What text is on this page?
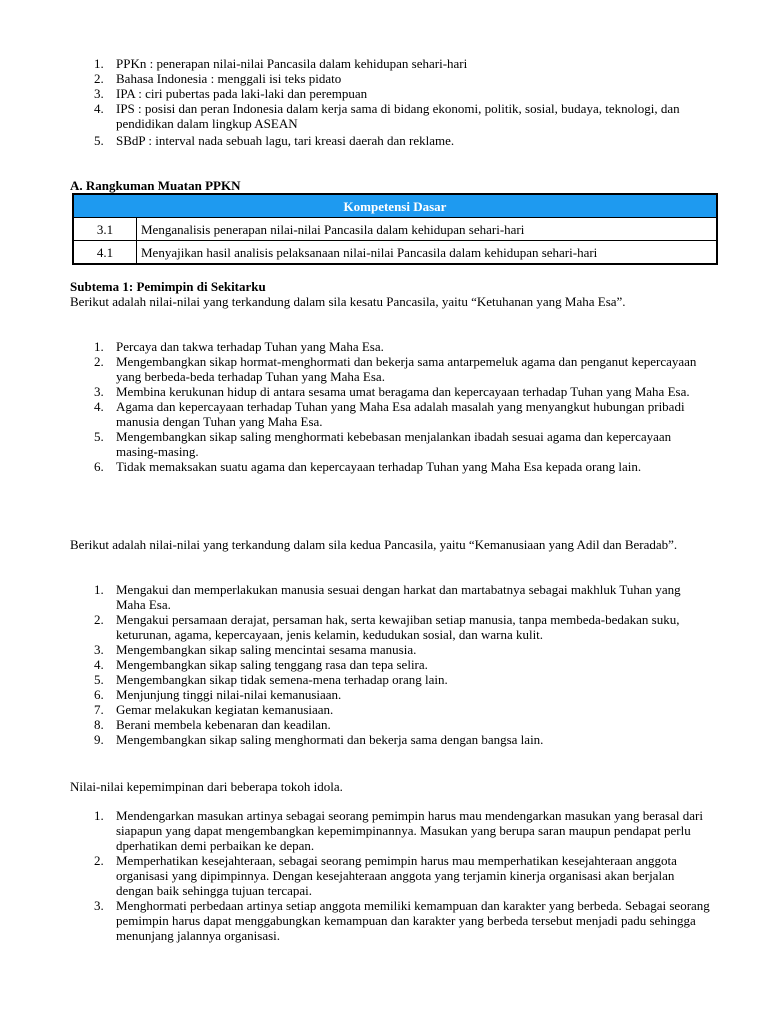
1. PPKn : penerapan nilai-nilai Pancasila dalam kehidupan sehari-hari
2. Bahasa Indonesia : menggali isi teks pidato
3. IPA : ciri pubertas pada laki-laki dan perempuan
4. IPS : posisi dan peran Indonesia dalam kerja sama di bidang ekonomi, politik, sosial, budaya, teknologi, dan pendidikan dalam lingkup ASEAN
5. SBdP : interval nada sebuah lagu, tari kreasi daerah dan reklame.
A. Rangkuman Muatan PPKN
Kompetensi Dasar	
3.1	Menganalisis penerapan nilai-nilai Pancasila dalam kehidupan sehari-hari
4.1	Menyajikan hasil analisis pelaksanaan nilai-nilai Pancasila dalam kehidupan sehari-hari
Subtema 1: Pemimpin di Sekitarku
Berikut adalah nilai-nilai yang terkandung dalam sila kesatu Pancasila, yaitu “Ketuhanan yang Maha Esa”.
1. Percaya dan takwa terhadap Tuhan yang Maha Esa.
2. Mengembangkan sikap hormat-menghormati dan bekerja sama antarpemeluk agama dan penganut kepercayaan yang berbeda-beda terhadap Tuhan yang Maha Esa.
3. Membina kerukunan hidup di antara sesama umat beragama dan kepercayaan terhadap Tuhan yang Maha Esa.
4. Agama dan kepercayaan terhadap Tuhan yang Maha Esa adalah masalah yang menyangkut hubungan pribadi manusia dengan Tuhan yang Maha Esa.
5. Mengembangkan sikap saling menghormati kebebasan menjalankan ibadah sesuai agama dan kepercayaan masing-masing.
6. Tidak memaksakan suatu agama dan kepercayaan terhadap Tuhan yang Maha Esa kepada orang lain.
Berikut adalah nilai-nilai yang terkandung dalam sila kedua Pancasila, yaitu “Kemanusiaan yang Adil dan Beradab”.
1. Mengakui dan memperlakukan manusia sesuai dengan harkat dan martabatnya sebagai makhluk Tuhan yang Maha Esa.
2. Mengakui persamaan derajat, persaman hak, serta kewajiban setiap manusia, tanpa membeda-bedakan suku, keturunan, agama, kepercayaan, jenis kelamin, kedudukan sosial, dan warna kulit.
3. Mengembangkan sikap saling mencintai sesama manusia.
4. Mengembangkan sikap saling tenggang rasa dan tepa selira.
5. Mengembangkan sikap tidak semena-mena terhadap orang lain.
6. Menjunjung tinggi nilai-nilai kemanusiaan.
7. Gemar melakukan kegiatan kemanusiaan.
8. Berani membela kebenaran dan keadilan.
9. Mengembangkan sikap saling menghormati dan bekerja sama dengan bangsa lain.
Nilai-nilai kepemimpinan dari beberapa tokoh idola.
1. Mendengarkan masukan artinya sebagai seorang pemimpin harus mau mendengarkan masukan yang berasal dari siapapun yang dapat mengembangkan kepemimpinannya. Masukan yang berupa saran maupun pendapat perlu dperhatikan demi perbaikan ke depan.
2. Memperhatikan kesejahteraan, sebagai seorang pemimpin harus mau memperhatikan kesejahteraan anggota organisasi yang dipimpinnya. Dengan kesejahteraan anggota yang terjamin kinerja organisasi akan berjalan dengan baik sehingga tujuan tercapai.
3. Menghormati perbedaan artinya setiap anggota memiliki kemampuan dan karakter yang berbeda. Sebagai seorang pemimpin harus dapat menggabungkan kemampuan dan karakter yang berbeda tersebut menjadi padu sehingga menunjang jalannya organisasi.
